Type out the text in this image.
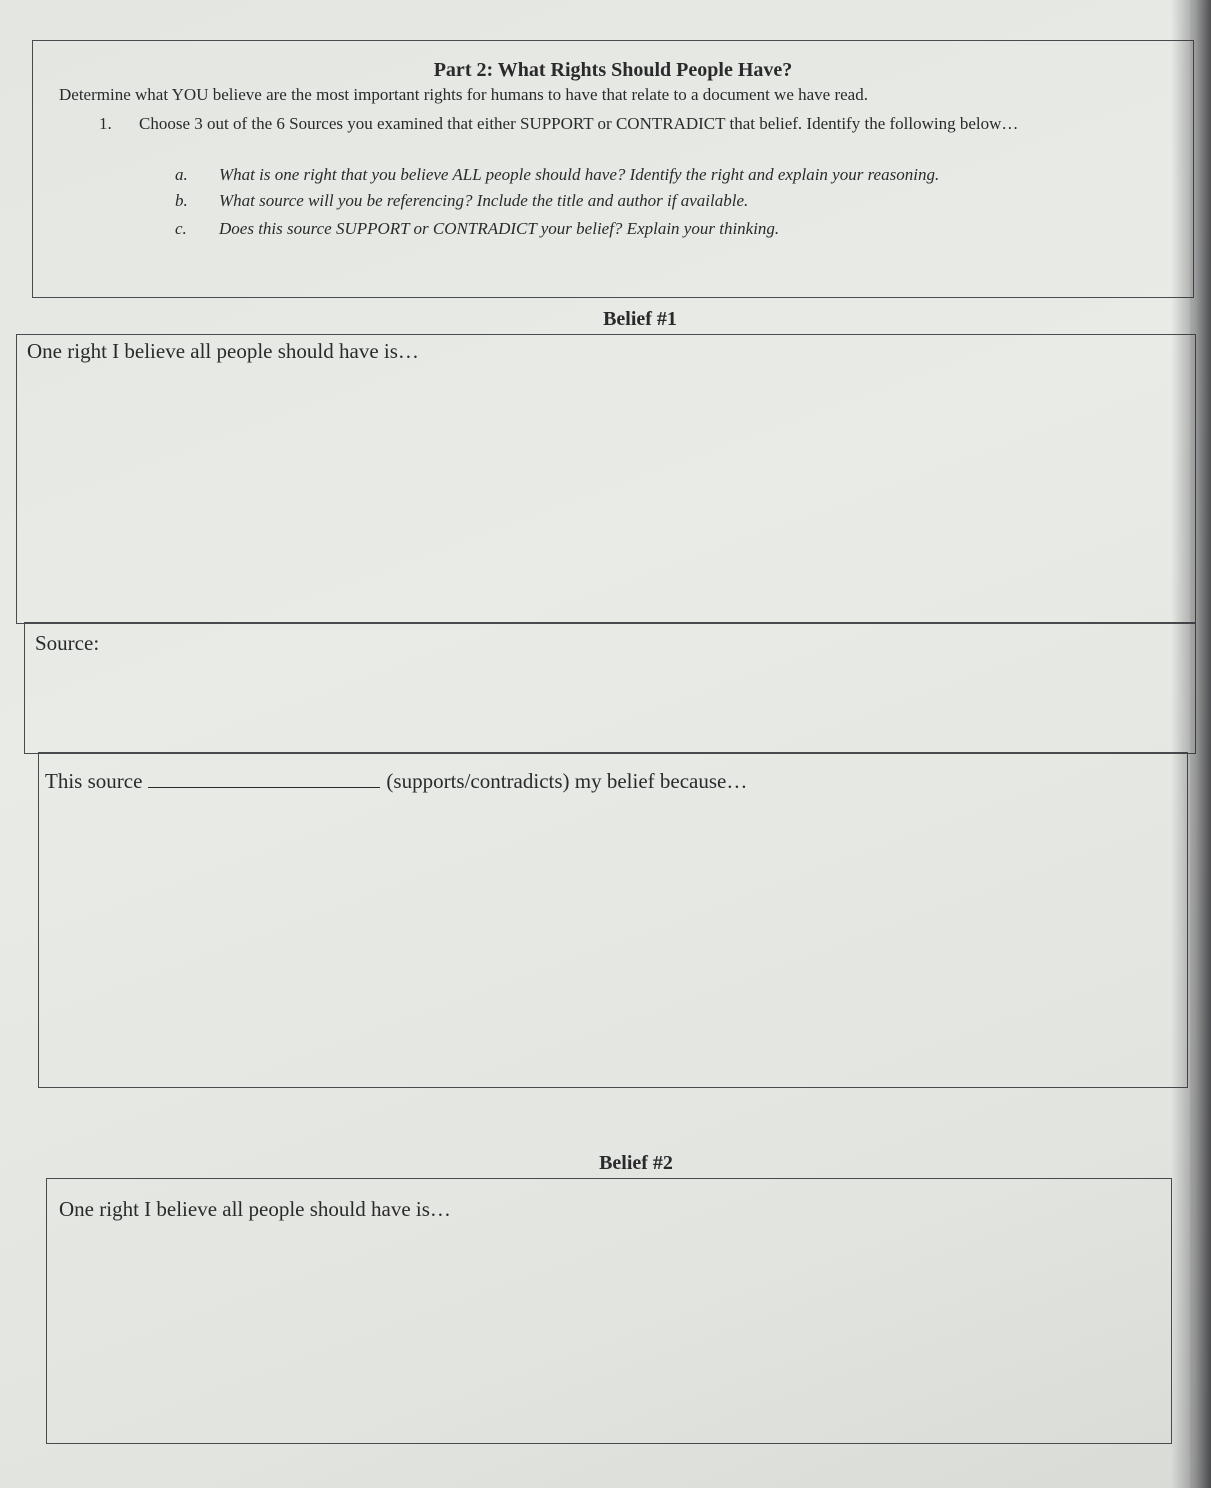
Part 2: What Rights Should People Have?
Determine what YOU believe are the most important rights for humans to have that relate to a document we have read.
1. Choose 3 out of the 6 Sources you examined that either SUPPORT or CONTRADICT that belief. Identify the following below…
a. What is one right that you believe ALL people should have? Identify the right and explain your reasoning.
b. What source will you be referencing? Include the title and author if available.
c. Does this source SUPPORT or CONTRADICT your belief? Explain your thinking.
Belief #1
One right I believe all people should have is…
Source:
This source	(supports/contradicts) my belief because…
Belief #2
One right I believe all people should have is…
